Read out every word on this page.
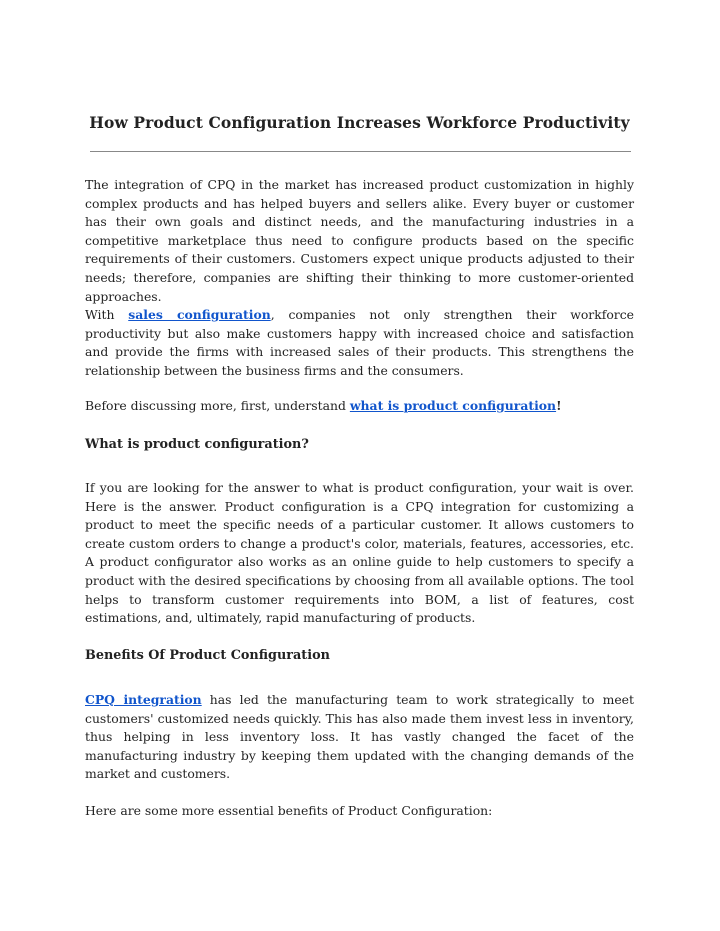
How Product Configuration Increases Workforce Productivity

The integration of CPQ in the market has increased product customization in highly complex products and has helped buyers and sellers alike. Every buyer or customer has their own goals and distinct needs, and the manufacturing industries in a competitive marketplace thus need to configure products based on the specific requirements of their customers. Customers expect unique products adjusted to their needs; therefore, companies are shifting their thinking to more customer-oriented approaches.

With sales configuration, companies not only strengthen their workforce productivity but also make customers happy with increased choice and satisfaction and provide the firms with increased sales of their products. This strengthens the relationship between the business firms and the consumers.

Before discussing more, first, understand what is product configuration!

What is product configuration?

If you are looking for the answer to what is product configuration, your wait is over. Here is the answer. Product configuration is a CPQ integration for customizing a product to meet the specific needs of a particular customer. It allows customers to create custom orders to change a product's color, materials, features, accessories, etc. A product configurator also works as an online guide to help customers to specify a product with the desired specifications by choosing from all available options. The tool helps to transform customer requirements into BOM, a list of features, cost estimations, and, ultimately, rapid manufacturing of products.

Benefits Of Product Configuration

CPQ integration has led the manufacturing team to work strategically to meet customers' customized needs quickly. This has also made them invest less in inventory, thus helping in less inventory loss. It has vastly changed the facet of the manufacturing industry by keeping them updated with the changing demands of the market and customers.

Here are some more essential benefits of Product Configuration:
